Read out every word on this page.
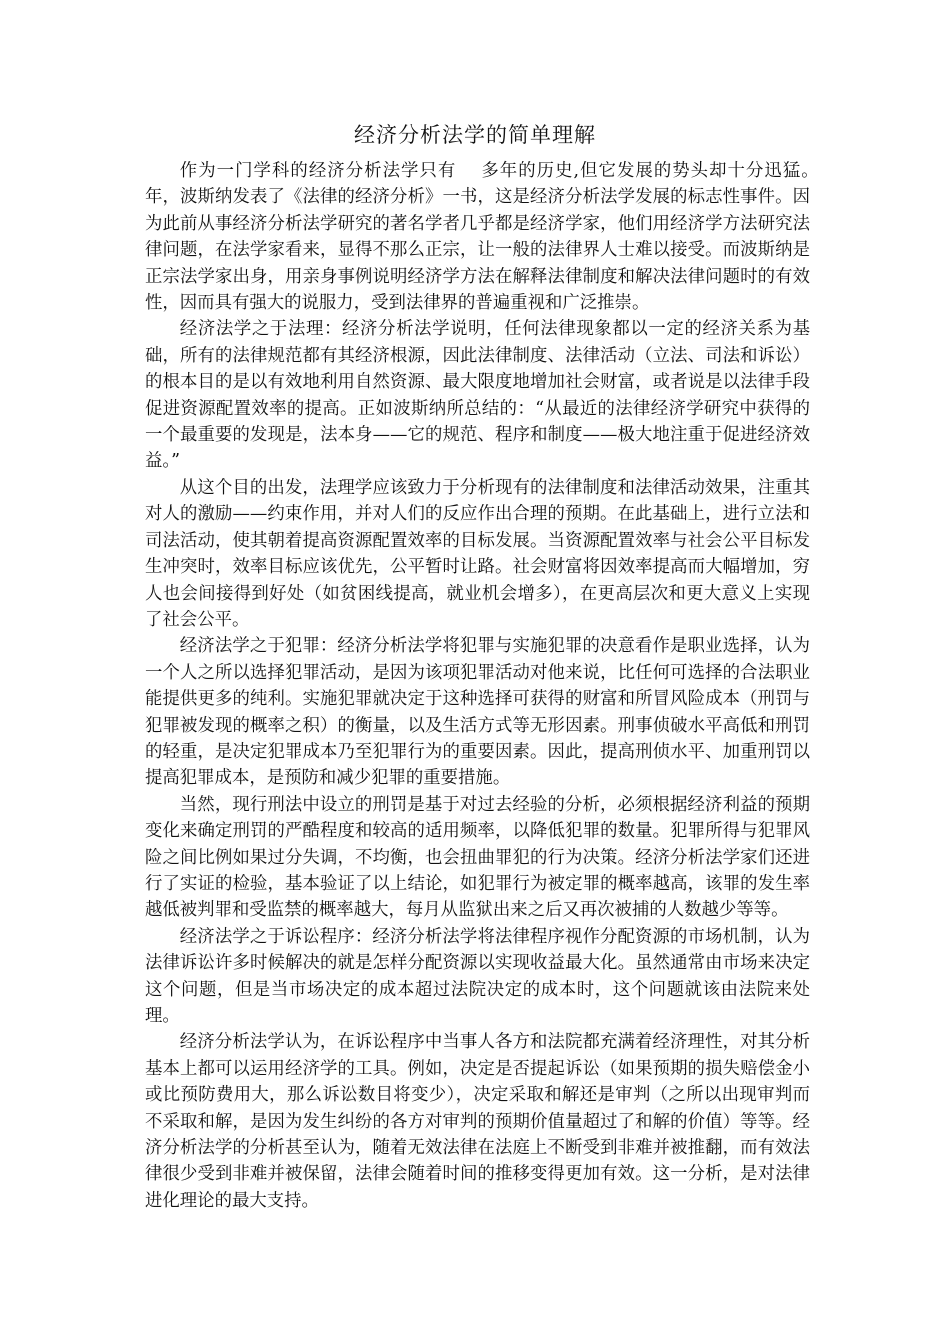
经济分析法学的简单理解

作为一门学科的经济分析法学只有 　多年的历史,但它发展的势头却十分迅猛。　　年，波斯纳发表了《法律的经济分析》一书，这是经济分析法学发展的标志性事件。因为此前从事经济分析法学研究的著名学者几乎都是经济学家，他们用经济学方法研究法律问题，在法学家看来，显得不那么正宗，让一般的法律界人士难以接受。而波斯纳是正宗法学家出身，用亲身事例说明经济学方法在解释法律制度和解决法律问题时的有效性，因而具有强大的说服力，受到法律界的普遍重视和广泛推崇。

经济法学之于法理：经济分析法学说明，任何法律现象都以一定的经济关系为基础，所有的法律规范都有其经济根源，因此法律制度、法律活动（立法、司法和诉讼）的根本目的是以有效地利用自然资源、最大限度地增加社会财富，或者说是以法律手段促进资源配置效率的提高。正如波斯纳所总结的：“从最近的法律经济学研究中获得的一个最重要的发现是，法本身——它的规范、程序和制度——极大地注重于促进经济效益。”

从这个目的出发，法理学应该致力于分析现有的法律制度和法律活动效果，注重其对人的激励——约束作用，并对人们的反应作出合理的预期。在此基础上，进行立法和司法活动，使其朝着提高资源配置效率的目标发展。当资源配置效率与社会公平目标发生冲突时，效率目标应该优先，公平暂时让路。社会财富将因效率提高而大幅增加，穷人也会间接得到好处（如贫困线提高，就业机会增多），在更高层次和更大意义上实现了社会公平。

经济法学之于犯罪：经济分析法学将犯罪与实施犯罪的决意看作是职业选择，认为一个人之所以选择犯罪活动，是因为该项犯罪活动对他来说，比任何可选择的合法职业能提供更多的纯利。实施犯罪就决定于这种选择可获得的财富和所冒风险成本（刑罚与犯罪被发现的概率之积）的衡量，以及生活方式等无形因素。刑事侦破水平高低和刑罚的轻重，是决定犯罪成本乃至犯罪行为的重要因素。因此，提高刑侦水平、加重刑罚以提高犯罪成本，是预防和减少犯罪的重要措施。

当然，现行刑法中设立的刑罚是基于对过去经验的分析，必须根据经济利益的预期变化来确定刑罚的严酷程度和较高的适用频率，以降低犯罪的数量。犯罪所得与犯罪风险之间比例如果过分失调，不均衡，也会扭曲罪犯的行为决策。经济分析法学家们还进行了实证的检验，基本验证了以上结论，如犯罪行为被定罪的概率越高，该罪的发生率越低被判罪和受监禁的概率越大，每月从监狱出来之后又再次被捕的人数越少等等。

经济法学之于诉讼程序：经济分析法学将法律程序视作分配资源的市场机制，认为法律诉讼许多时候解决的就是怎样分配资源以实现收益最大化。虽然通常由市场来决定这个问题，但是当市场决定的成本超过法院决定的成本时，这个问题就该由法院来处理。

经济分析法学认为，在诉讼程序中当事人各方和法院都充满着经济理性，对其分析基本上都可以运用经济学的工具。例如，决定是否提起诉讼（如果预期的损失赔偿金小或比预防费用大，那么诉讼数目将变少），决定采取和解还是审判（之所以出现审判而不采取和解，是因为发生纠纷的各方对审判的预期价值量超过了和解的价值）等等。经济分析法学的分析甚至认为，随着无效法律在法庭上不断受到非难并被推翻，而有效法律很少受到非难并被保留，法律会随着时间的推移变得更加有效。这一分析，是对法律进化理论的最大支持。
